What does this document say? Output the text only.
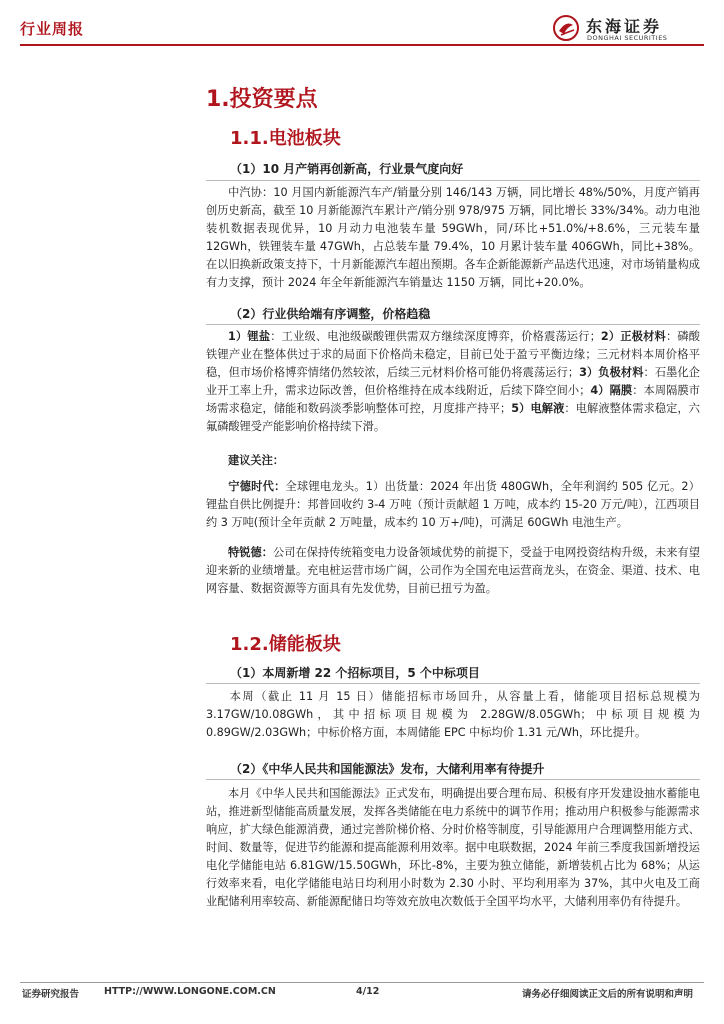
行业周报	东海证券
DONGHAI SECURITIES
1.投资要点
1.1.电池板块
（1）10 月产销再创新高，行业景气度向好
中汽协：10 月国内新能源汽车产/销量分别 146/143 万辆，同比增长 48%/50%，月度产销再创历史新高，截至 10 月新能源汽车累计产/销分别 978/975 万辆，同比增长 33%/34%。动力电池装机数据表现优异，10 月动力电池装车量 59GWh，同/环比+51.0%/+8.6%，三元装车量 12GWh，铁锂装车量 47GWh，占总装车量 79.4%，10 月累计装车量 406GWh，同比+38%。在以旧换新政策支持下，十月新能源汽车超出预期。各车企新能源新产品迭代迅速，对市场销量构成有力支撑，预计 2024 年全年新能源汽车销量达 1150 万辆，同比+20.0%。
（2）行业供给端有序调整，价格趋稳
1）锂盐：工业级、电池级碳酸锂供需双方继续深度博弈，价格震荡运行；2）正极材料：磷酸铁锂产业在整体供过于求的局面下价格尚未稳定，目前已处于盈亏平衡边缘；三元材料本周价格平稳，但市场价格博弈情绪仍然较浓，后续三元材料价格可能仍将震荡运行；3）负极材料：石墨化企业开工率上升，需求边际改善，但价格维持在成本线附近，后续下降空间小；4）隔膜：本周隔膜市场需求稳定，储能和数码淡季影响整体可控，月度排产持平；5）电解液：电解液整体需求稳定，六氟磷酸锂受产能影响价格持续下滑。
建议关注：
宁德时代：全球锂电龙头。1）出货量：2024 年出货 480GWh，全年利润约 505 亿元。2）锂盐自供比例提升：邦普回收约 3-4 万吨（预计贡献超 1 万吨，成本约 15-20 万元/吨），江西项目约 3 万吨(预计全年贡献 2 万吨量，成本约 10 万+/吨)，可满足 60GWh 电池生产。
特锐德：公司在保持传统箱变电力设备领域优势的前提下，受益于电网投资结构升级，未来有望迎来新的业绩增量。充电桩运营市场广阔，公司作为全国充电运营商龙头，在资金、渠道、技术、电网容量、数据资源等方面具有先发优势，目前已扭亏为盈。
1.2.储能板块
（1）本周新增 22 个招标项目，5 个中标项目
本周（截止 11 月 15 日）储能招标市场回升，从容量上看，储能项目招标总规模为 3.17GW/10.08GWh，其中招标项目规模为 2.28GW/8.05GWh；中标项目规模为 0.89GW/2.03GWh；中标价格方面，本周储能 EPC 中标均价 1.31 元/Wh，环比提升。
（2）《中华人民共和国能源法》发布，大储利用率有待提升
本月《中华人民共和国能源法》正式发布，明确提出要合理布局、积极有序开发建设抽水蓄能电站，推进新型储能高质量发展，发挥各类储能在电力系统中的调节作用；推动用户积极参与能源需求响应，扩大绿色能源消费，通过完善阶梯价格、分时价格等制度，引导能源用户合理调整用能方式、时间、数量等，促进节约能源和提高能源利用效率。据中电联数据，2024 年前三季度我国新增投运电化学储能电站 6.81GW/15.50GWh，环比-8%，主要为独立储能，新增装机占比为 68%；从运行效率来看，电化学储能电站日均利用小时数为 2.30 小时、平均利用率为 37%，其中火电及工商业配储利用率较高、新能源配储日均等效充放电次数低于全国平均水平，大储利用率仍有待提升。
证券研究报告	HTTP://WWW.LONGONE.COM.CN	4/12	请务必仔细阅读正文后的所有说明和声明
